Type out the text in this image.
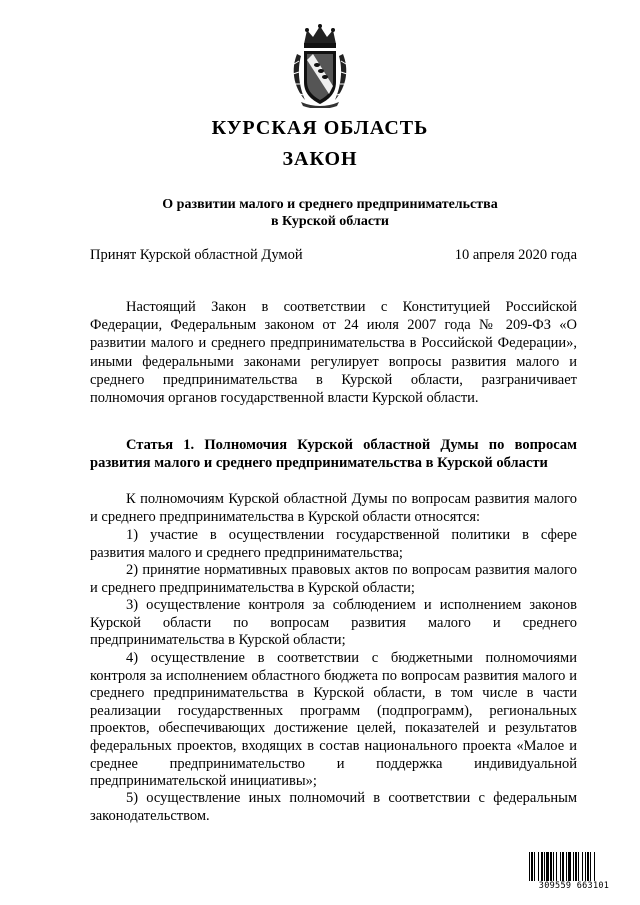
КУРСКАЯ ОБЛАСТЬ
ЗАКОН
О развитии малого и среднего предпринимательства
в Курской области
Принят Курской областной Думой	10 апреля 2020 года

Настоящий Закон в соответствии с Конституцией Российской Федерации, Федеральным законом от 24 июля 2007 года № 209-ФЗ «О развитии малого и среднего предпринимательства в Российской Федерации», иными федеральными законами регулирует вопросы развития малого и среднего предпринимательства в Курской области, разграничивает полномочия органов государственной власти Курской области.

Статья 1. Полномочия Курской областной Думы по вопросам развития малого и среднего предпринимательства в Курской области

К полномочиям Курской областной Думы по вопросам развития малого и среднего предпринимательства в Курской области относятся:

1) участие в осуществлении государственной политики в сфере развития малого и среднего предпринимательства;

2) принятие нормативных правовых актов по вопросам развития малого и среднего предпринимательства в Курской области;

3) осуществление контроля за соблюдением и исполнением законов Курской области по вопросам развития малого и среднего предпринимательства в Курской области;

4) осуществление в соответствии с бюджетными полномочиями контроля за исполнением областного бюджета по вопросам развития малого и среднего предпринимательства в Курской области, в том числе в части реализации государственных программ (подпрограмм), региональных проектов, обеспечивающих достижение целей, показателей и результатов федеральных проектов, входящих в состав национального проекта «Малое и среднее предпринимательство и поддержка индивидуальной предпринимательской инициативы»;

5) осуществление иных полномочий в соответствии с федеральным законодательством.

309559 663101
